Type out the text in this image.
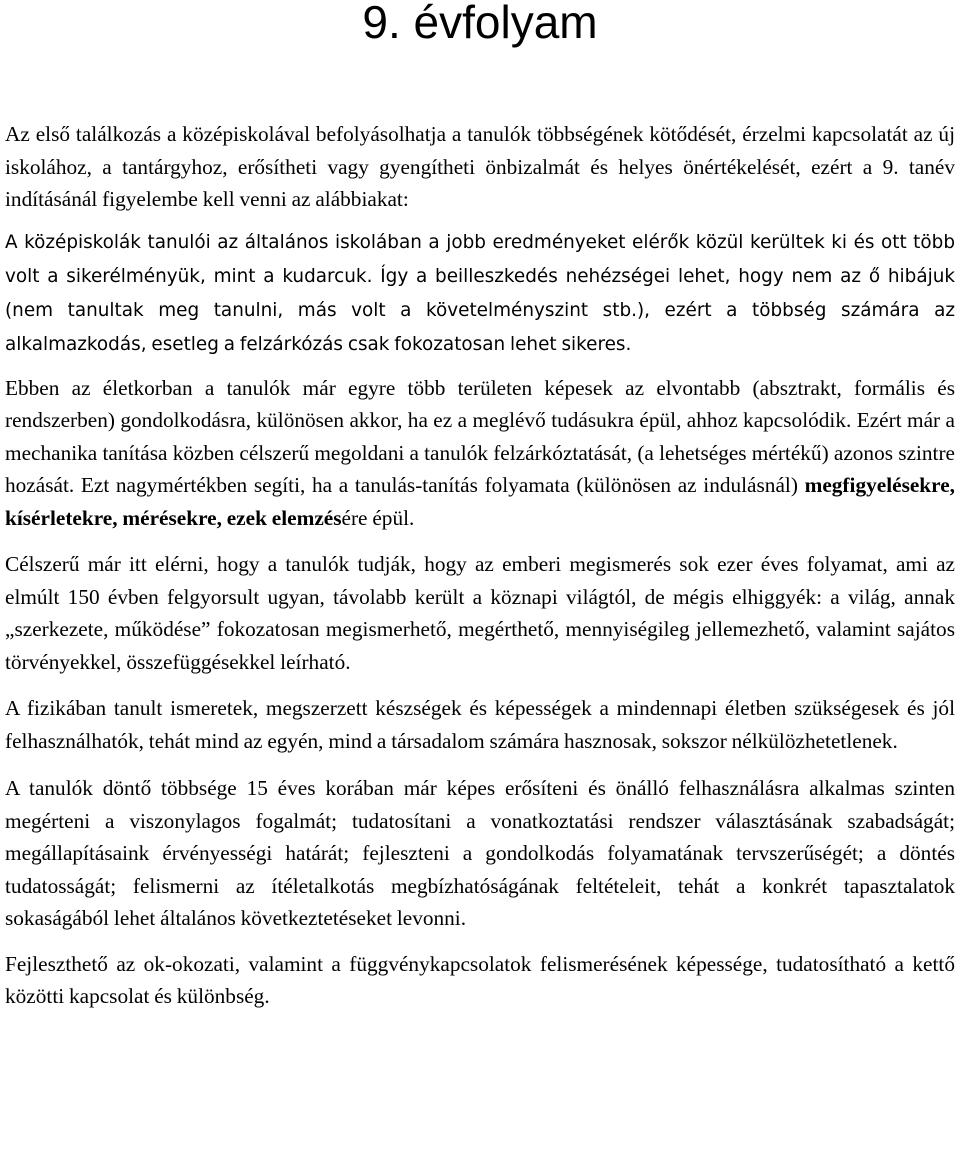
9. évfolyam

Az első találkozás a középiskolával befolyásolhatja a tanulók többségének kötődését, érzelmi kapcsolatát az új iskolához, a tantárgyhoz, erősítheti vagy gyengítheti önbizalmát és helyes önértékelését, ezért a 9. tanév indításánál figyelembe kell venni az alábbiakat:

A középiskolák tanulói az általános iskolában a jobb eredményeket elérők közül kerültek ki és ott több volt a sikerélményük, mint a kudarcuk. Így a beilleszkedés nehézségei lehet, hogy nem az ő hibájuk (nem tanultak meg tanulni, más volt a követelményszint stb.), ezért a többség számára az alkalmazkodás, esetleg a felzárkózás csak fokozatosan lehet sikeres.

Ebben az életkorban a tanulók már egyre több területen képesek az elvontabb (absztrakt, formális és rendszerben) gondolkodásra, különösen akkor, ha ez a meglévő tudásukra épül, ahhoz kapcsolódik. Ezért már a mechanika tanítása közben célszerű megoldani a tanulók felzárkóztatását, (a lehetséges mértékű) azonos szintre hozását. Ezt nagymértékben segíti, ha a tanulás-tanítás folyamata (különösen az indulásnál) megfigyelésekre, kísérletekre, mérésekre, ezek elemzésére épül.

Célszerű már itt elérni, hogy a tanulók tudják, hogy az emberi megismerés sok ezer éves folyamat, ami az elmúlt 150 évben felgyorsult ugyan, távolabb került a köznapi világtól, de mégis elhiggyék: a világ, annak „szerkezete, működése” fokozatosan megismerhető, megérthető, mennyiségileg jellemezhető, valamint sajátos törvényekkel, összefüggésekkel leírható.

A fizikában tanult ismeretek, megszerzett készségek és képességek a mindennapi életben szükségesek és jól felhasználhatók, tehát mind az egyén, mind a társadalom számára hasznosak, sokszor nélkülözhetetlenek.

A tanulók döntő többsége 15 éves korában már képes erősíteni és önálló felhasználásra alkalmas szinten megérteni a viszonylagos fogalmát; tudatosítani a vonatkoztatási rendszer választásának szabadságát; megállapításaink érvényességi határát; fejleszteni a gondolkodás folyamatának tervszerűségét; a döntés tudatosságát; felismerni az ítéletalkotás megbízhatóságának feltételeit, tehát a konkrét tapasztalatok sokaságából lehet általános következtetéseket levonni.

Fejleszthető az ok-okozati, valamint a függvénykapcsolatok felismerésének képessége, tudatosítható a kettő közötti kapcsolat és különbség.
